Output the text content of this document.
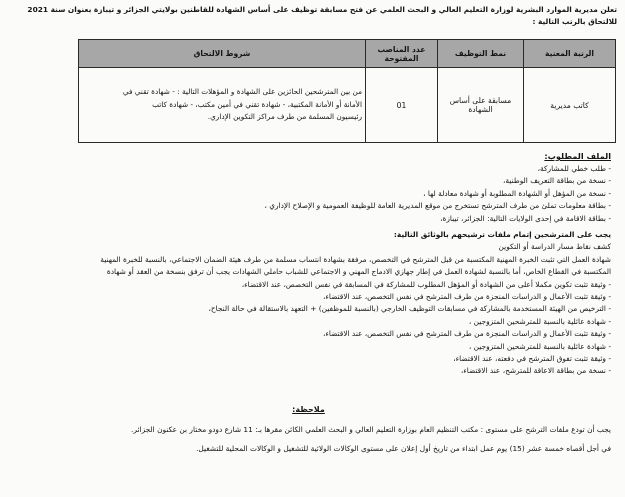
تعلن مديرية الموارد البشرية لوزارة التعليم العالي و البحث العلمي عن فتح مسابقة توظيف على أساس الشهادة للقاطنين بولايتي الجزائر و تيبازة بعنوان سنة 2021
للالتحاق بالرتب التالية :
الرتبة المعنية	نمط التوظيف	عدد المناصب المفتوحة	شروط الالتحاق
كاتب مديرية	مسابقة على أساس الشهادة	01	من بين المترشحين الحائزين على الشهادة و المؤهلات التالية : - شهادة تقني في
الأمانة أو الأمانة المكتبية، - شهادة تقني في أمين مكتب، - شهادة كاتب
رئيسيون المسلمة من طرف مراكز التكوين الإداري.
الملف المطلوب:
- طلب خطي للمشاركة،
- نسخة من بطاقة التعريف الوطنية،
- نسخة من المؤهل أو الشهادة المطلوبة أو شهادة معادلة لها ،
- بطاقة معلومات تملئ من طرف المترشح تستخرج من موقع المديرية العامة للوظيفة العمومية و الإصلاح الإداري ،
- بطاقة الاقامة في إحدى الولايات التالية: الجزائر، تيبازة،
يجب على المترشحين إتمام ملفات ترشيحهم بالوثائق التالية:
كشف نقاط مسار الدراسة أو التكوين
شهادة العمل التي تثبت الخبرة المهنية المكتسبة من قبل المترشح في التخصص، مرفقة بشهادة انتساب مسلمة من طرف هيئة الضمان الاجتماعي، بالنسبة للخبرة المهنية
المكتسبة في القطاع الخاص، أما بالنسبة لشهادة العمل في إطار جهازي الادماج المهني و الاجتماعي للشباب حاملي الشهادات يجب أن ترفق بنسخة من العقد أو شهادة
- وثيقة تثبت تكوين مكملا أعلى من الشهادة أو المؤهل المطلوب للمشاركة في المسابقة في نفس التخصص، عند الاقتضاء،
- وثيقة تثبت الأعمال و الدراسات المنجزة من طرف المترشح في نفس التخصص، عند الاقتضاء،
- الترخيص من الهيئة المستخدمة بالمشاركة في مسابقات التوظيف الخارجي (بالنسبة للموظفين) + التعهد بالاستقالة في حالة النجاح،
- شهادة عائلية بالنسبة للمترشحين المتزوجين ،
- وثيقة تثبت الأعمال و الدراسات المنجزة من طرف المترشح في نفس التخصص، عند الاقتضاء،
- شهادة عائلية بالنسبة للمترشحين المتزوجين ،
- وثيقة تثبت تفوق المترشح في دفعته، عند الاقتضاء،
- نسخة من بطاقة الاعاقة للمترشح، عند الاقتضاء،
ملاحظة:
يجب أن تودع ملفات الترشح على مستوى : مكتب التنظيم العام بوزارة التعليم العالي و البحث العلمي الكائن مقرها بـ: 11 شارع دودو مختار بن عكنون الجزائر.
في أجل أقصاه خمسة عشر (15) يوم عمل ابتداء من تاريخ أول إعلان على مستوى الوكالات الولائية للتشغيل و الوكالات المحلية للتشغيل.
